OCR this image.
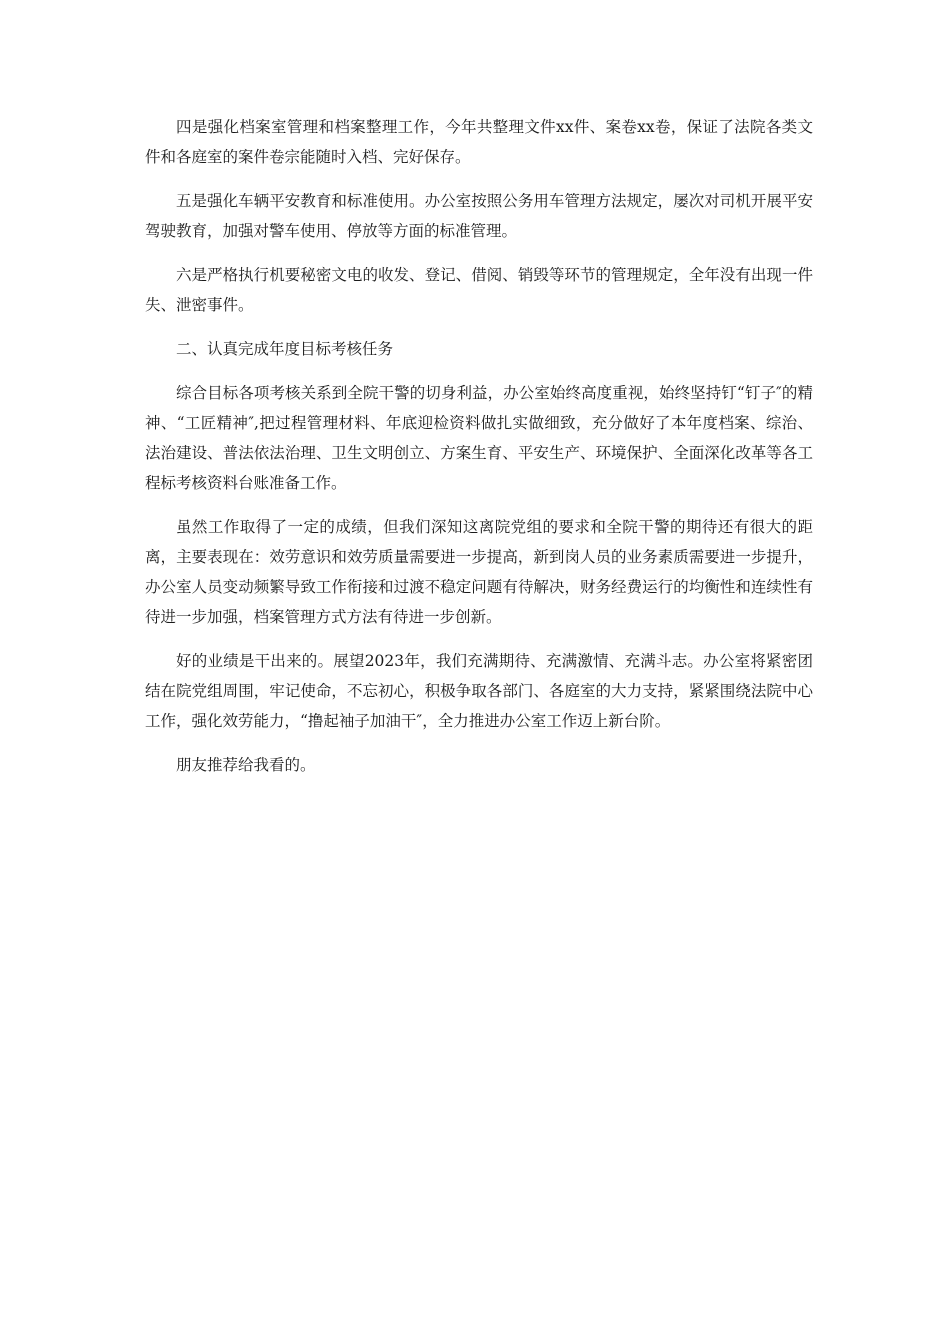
四是强化档案室管理和档案整理工作，今年共整理文件xx件、案卷xx卷，保证了法院各类文件和各庭室的案件卷宗能随时入档、完好保存。

五是强化车辆平安教育和标准使用。办公室按照公务用车管理方法规定，屡次对司机开展平安驾驶教育，加强对警车使用、停放等方面的标准管理。

六是严格执行机要秘密文电的收发、登记、借阅、销毁等环节的管理规定，全年没有出现一件失、泄密事件。

二、认真完成年度目标考核任务

综合目标各项考核关系到全院干警的切身利益，办公室始终高度重视，始终坚持钉“钉子″的精神、“工匠精神″,把过程管理材料、年底迎检资料做扎实做细致，充分做好了本年度档案、综治、法治建设、普法依法治理、卫生文明创立、方案生育、平安生产、环境保护、全面深化改革等各工程标考核资料台账准备工作。

虽然工作取得了一定的成绩，但我们深知这离院党组的要求和全院干警的期待还有很大的距离，主要表现在：效劳意识和效劳质量需要进一步提高，新到岗人员的业务素质需要进一步提升，办公室人员变动频繁导致工作衔接和过渡不稳定问题有待解决，财务经费运行的均衡性和连续性有待进一步加强，档案管理方式方法有待进一步创新。

好的业绩是干出来的。展望2023年，我们充满期待、充满激情、充满斗志。办公室将紧密团结在院党组周围，牢记使命，不忘初心，积极争取各部门、各庭室的大力支持，紧紧围绕法院中心工作，强化效劳能力，“撸起袖子加油干″，全力推进办公室工作迈上新台阶。

朋友推荐给我看的。
